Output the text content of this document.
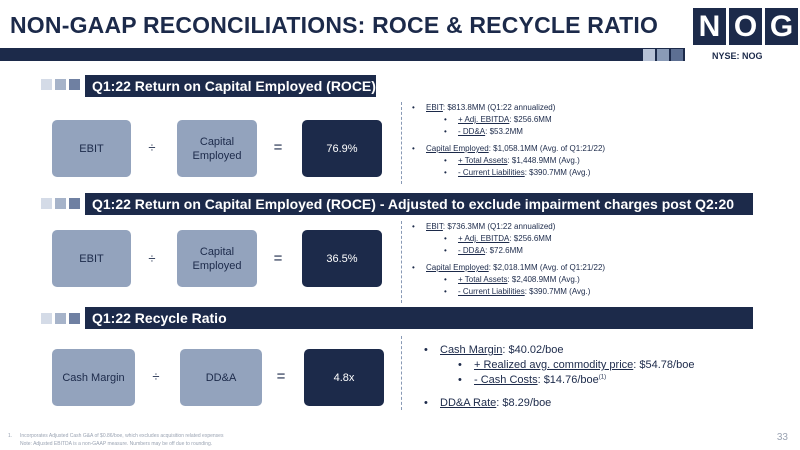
NON-GAAP RECONCILIATIONS: ROCE & RECYCLE RATIO N O G
NYSE: NOG
Q1:22 Return on Capital Employed (ROCE)
EBIT	÷	Capital Employed	=	76.9%
• EBIT: $813.8MM (Q1:22 annualized)
• + Adj. EBITDA: $256.6MM
• - DD&A: $53.2MM
• Capital Employed: $1,058.1MM (Avg. of Q1:21/22)
• + Total Assets: $1,448.9MM (Avg.)
• - Current Liabilities: $390.7MM (Avg.)
Q1:22 Return on Capital Employed (ROCE) - Adjusted to exclude impairment charges post Q2:20
EBIT	÷	Capital Employed	=	36.5%
• EBIT: $736.3MM (Q1:22 annualized)
• + Adj. EBITDA: $256.6MM
• - DD&A: $72.6MM
• Capital Employed: $2,018.1MM (Avg. of Q1:21/22)
• + Total Assets: $2,408.9MM (Avg.)
• - Current Liabilities: $390.7MM (Avg.)
Q1:22 Recycle Ratio
Cash Margin	÷	DD&A	=	4.8x
• Cash Margin: $40.02/boe
• + Realized avg. commodity price: $54.78/boe
• - Cash Costs: $14.76/boe$^{(1)}$
• DD&A Rate: $8.29/boe
1. Incorporates Adjusted Cash G&A of $0.86/boe, which excludes acquisition related expenses
Note: Adjusted EBITDA is a non-GAAP measure. Numbers may be off due to rounding.
33
